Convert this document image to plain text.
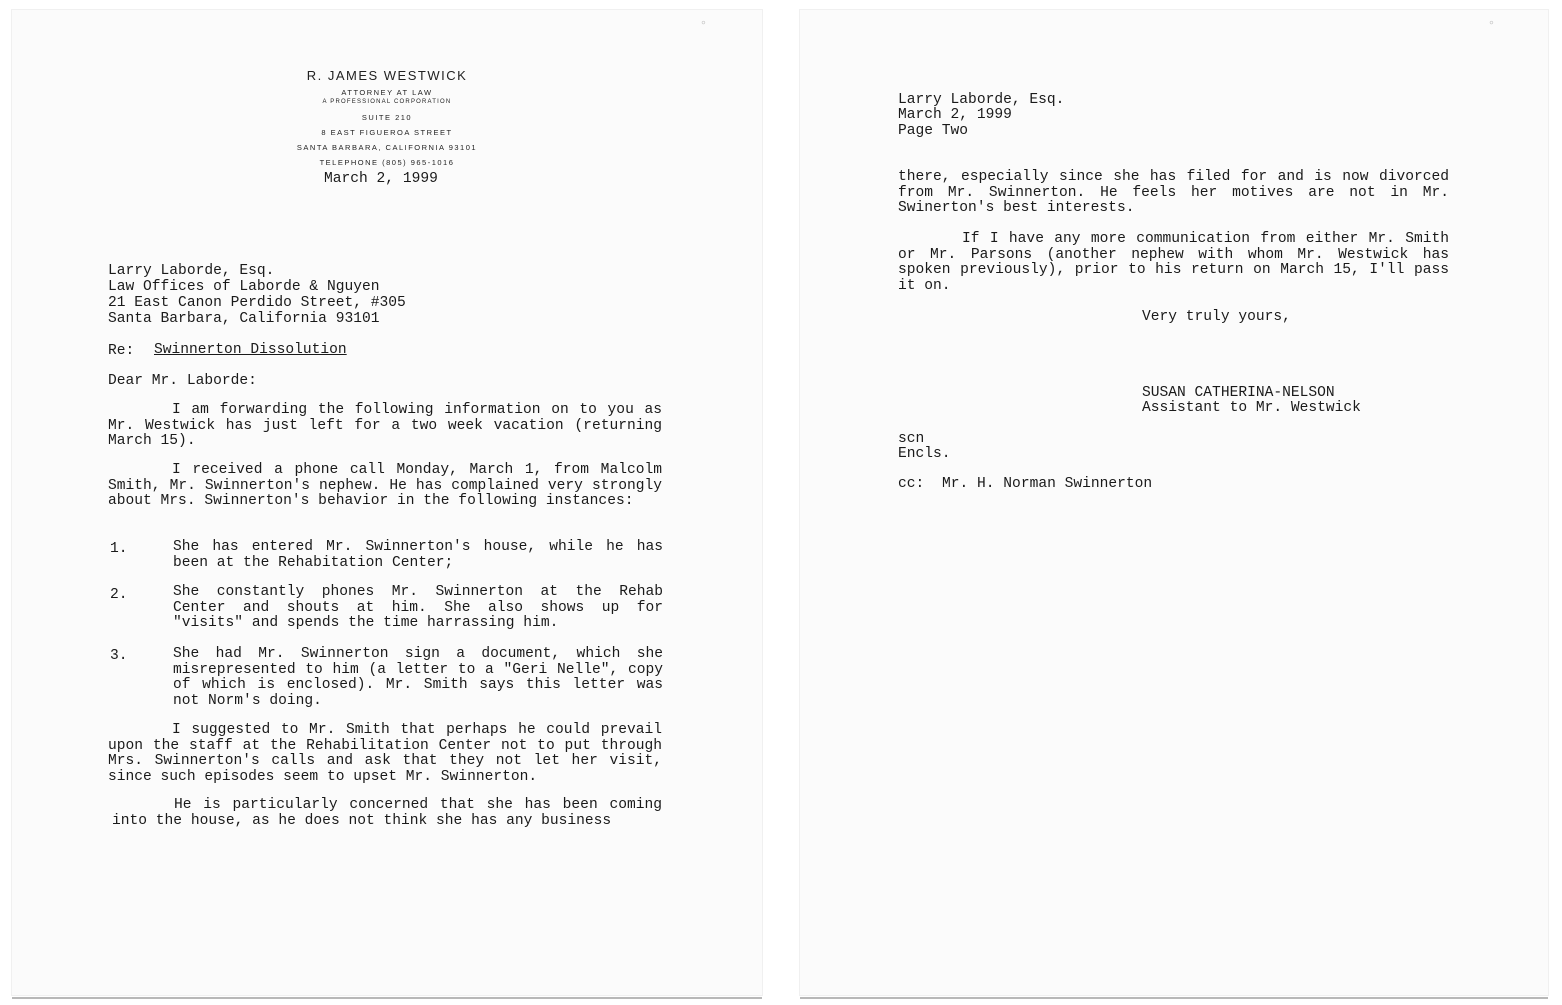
∘
R. JAMES WESTWICK
ATTORNEY AT LAW
A PROFESSIONAL CORPORATION
SUITE 210
8 EAST FIGUEROA STREET
SANTA BARBARA, CALIFORNIA 93101
TELEPHONE (805) 965-1016
March 2, 1999
Larry Laborde, Esq.
Law Offices of Laborde & Nguyen
21 East Canon Perdido Street, #305
Santa Barbara, California 93101
Re: Swinnerton Dissolution
Dear Mr. Laborde:

I am forwarding the following information on to you as Mr. Westwick has just left for a two week vacation (returning March 15).

I received a phone call Monday, March 1, from Malcolm Smith, Mr. Swinnerton's nephew. He has complained very strongly about Mrs. Swinnerton's behavior in the following instances:

1.	She has entered Mr. Swinnerton's house, while he has been at the Rehabitation Center;

2.	She constantly phones Mr. Swinnerton at the Rehab Center and shouts at him. She also shows up for "visits" and spends the time harrassing him.

3.	She had Mr. Swinnerton sign a document, which she misrepresented to him (a letter to a "Geri Nelle", copy of which is enclosed). Mr. Smith says this letter was not Norm's doing.

I suggested to Mr. Smith that perhaps he could prevail upon the staff at the Rehabilitation Center not to put through Mrs. Swinnerton's calls and ask that they not let her visit, since such episodes seem to upset Mr. Swinnerton.

He is particularly concerned that she has been coming into the house, as he does not think she has any business

∘
Larry Laborde, Esq.
March 2, 1999
Page Two

there, especially since she has filed for and is now divorced from Mr. Swinnerton. He feels her motives are not in Mr. Swinerton's best interests.

If I have any more communication from either Mr. Smith or Mr. Parsons (another nephew with whom Mr. Westwick has spoken previously), prior to his return on March 15, I'll pass it on.

Very truly yours,
SUSAN CATHERINA-NELSON
Assistant to Mr. Westwick
scn
Encls.
cc: Mr. H. Norman Swinnerton
